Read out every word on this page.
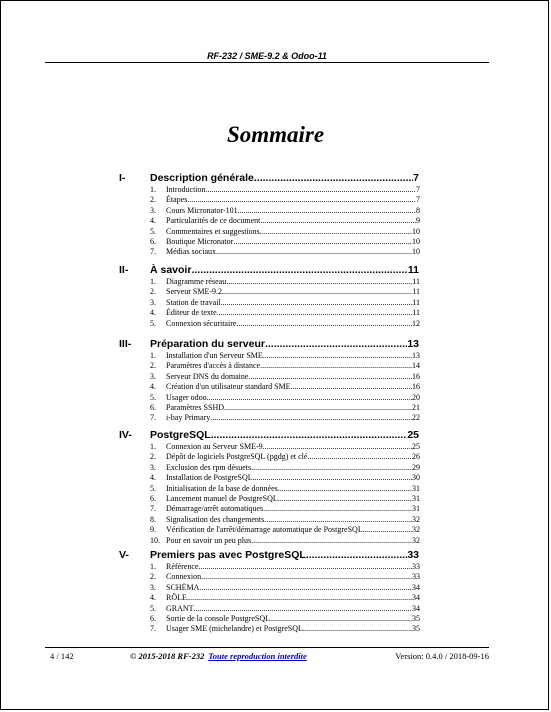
RF-232 / SME-9.2 & Odoo-11
Sommaire
I- Description générale .....	7
1.	Introduction .....	7
2.	Étapes .....	7
3.	Cours Micronator-101 .....	8
4.	Particularités de ce document .....	9
5.	Commentaires et suggestions .....	10
6.	Boutique Micronator .....	10
7.	Médias sociaux .....	10
II- À savoir .....	11
1.	Diagramme réseau .....	11
2.	Serveur SME-9.2 .....	11
3.	Station de travail .....	11
4.	Éditeur de texte .....	11
5.	Connexion sécuritaire .....	12
III- Préparation du serveur .....	13
1.	Installation d'un Serveur SME .....	13
2.	Paramètres d'accès à distance .....	14
3.	Serveur DNS du domaine .....	16
4.	Création d'un utilisateur standard SME .....	16
5.	Usager odoo .....	20
6.	Paramètres SSHD .....	21
7.	i-bay Primary .....	22
IV- PostgreSQL .....	25
1.	Connexion au Serveur SME-9 .....	25
2.	Dépôt de logiciels PostgreSQL (pgdg) et clé .....	26
3.	Exclusion des rpm désuets .....	29
4.	Installation de PostgreSQL .....	30
5.	Initialisation de la base de données .....	31
6.	Lancement manuel de PostgreSQL .....	31
7.	Démarrage/arrêt automatiques .....	31
8.	Signalisation des changements .....	32
9.	Vérification de l'arrêt/démarrage automatique de PostgreSQL .....	32
10. Pour en savoir un peu plus .....	32
V- Premiers pas avec PostgreSQL .....	33
1.	Référence .....	33
2.	Connexion .....	33
3.	SCHÉMA .....	34
4.	RÔLE .....	34
5.	GRANT .....	34
6.	Sortie de la console PostgreSQL .....	35
7.	Usager SME (michelandre) et PostgreSQL .....	35
4 / 142	© 2015-2018 RF-232 Toute reproduction interdite	Version: 0.4.0 / 2018-09-16
